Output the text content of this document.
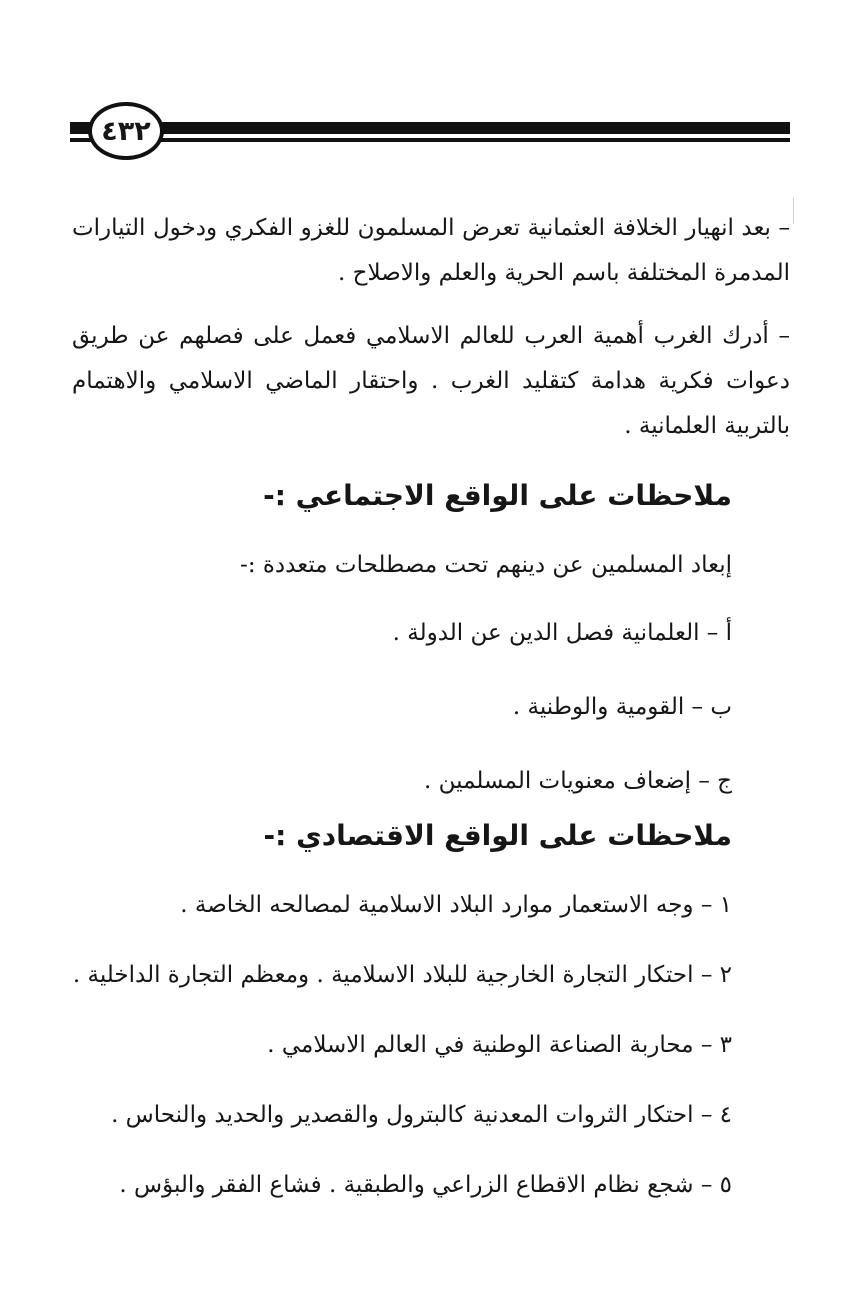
٤٣٢

– بعد انهيار الخلافة العثمانية تعرض المسلمون للغزو الفكري ودخول التيارات المدمرة المختلفة باسم الحرية والعلم والاصلاح .

– أدرك الغرب أهمية العرب للعالم الاسلامي فعمل على فصلهم عن طريق دعوات فكرية هدامة كتقليد الغرب . واحتقار الماضي الاسلامي والاهتمام بالتربية العلمانية .

ملاحظات على الواقع الاجتماعي :-

إبعاد المسلمين عن دينهم تحت مصطلحات متعددة :-

أ – العلمانية فصل الدين عن الدولة .

ب – القومية والوطنية .

ج – إضعاف معنويات المسلمين .

ملاحظات على الواقع الاقتصادي :-

١ – وجه الاستعمار موارد البلاد الاسلامية لمصالحه الخاصة .

٢ – احتكار التجارة الخارجية للبلاد الاسلامية . ومعظم التجارة الداخلية .

٣ – محاربة الصناعة الوطنية في العالم الاسلامي .

٤ – احتكار الثروات المعدنية كالبترول والقصدير والحديد والنحاس .

٥ – شجع نظام الاقطاع الزراعي والطبقية . فشاع الفقر والبؤس .
